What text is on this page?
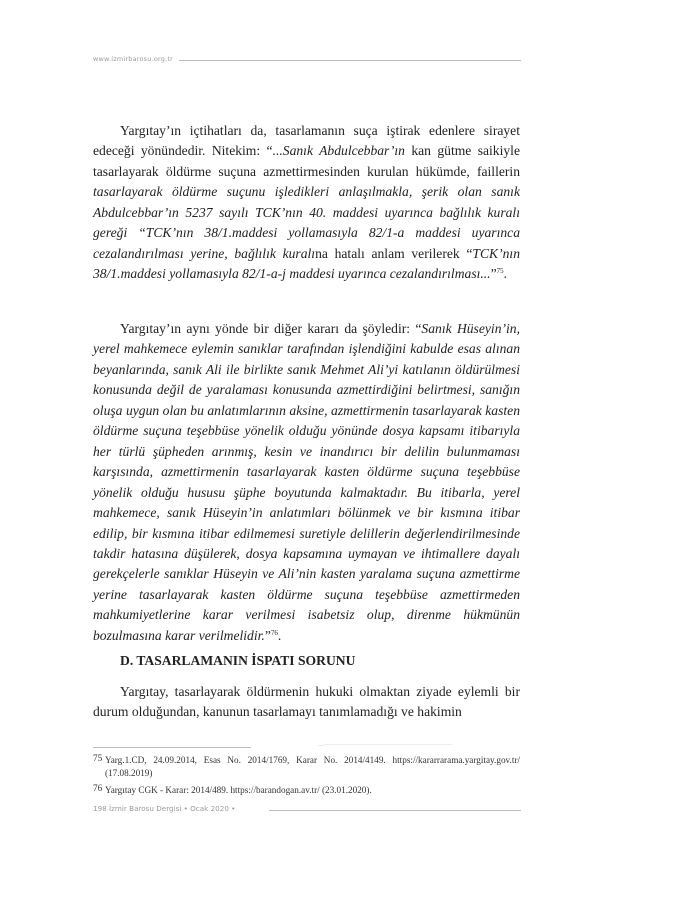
www.izmirbarosu.org.tr

Yargıtay’ın içtihatları da, tasarlamanın suça iştirak edenlere sirayet edeceği yönündedir. Nitekim: “...Sanık Abdulcebbar’ın kan gütme saikiyle tasarlayarak öldürme suçuna azmettirmesinden kurulan hükümde, faillerin tasarlayarak öldürme suçunu işledikleri anlaşılmakla, şerik olan sanık Abdulcebbar’ın 5237 sayılı TCK’nın 40. maddesi uyarınca bağlılık kuralı gereği “TCK’nın 38/1.maddesi yollamasıyla 82/1-a maddesi uyarınca cezalandırılması yerine, bağlılık kuralına hatalı anlam verilerek “TCK’nın 38/1.maddesi yollamasıyla 82/1-a-j maddesi uyarınca cezalandırılması...”$^{75}$.

Yargıtay’ın aynı yönde bir diğer kararı da şöyledir: “Sanık Hüseyin’in, yerel mahkemece eylemin sanıklar tarafından işlendiğini kabulde esas alınan beyanlarında, sanık Ali ile birlikte sanık Mehmet Ali’yi katılanın öldürülmesi konusunda değil de yaralaması konusunda azmettirdiğini belirtmesi, sanığın oluşa uygun olan bu anlatımlarının aksine, azmettirmenin tasarlayarak kasten öldürme suçuna teşebbüse yönelik olduğu yönünde dosya kapsamı itibarıyla her türlü şüpheden arınmış, kesin ve inandırıcı bir delilin bulunmaması karşısında, azmettirmenin tasarlayarak kasten öldürme suçuna teşebbüse yönelik olduğu hususu şüphe boyutunda kalmaktadır. Bu itibarla, yerel mahkemece, sanık Hüseyin’in anlatımları bölünmek ve bir kısmına itibar edilip, bir kısmına itibar edilmemesi suretiyle delillerin değerlendirilmesinde takdir hatasına düşülerek, dosya kapsamına uymayan ve ihtimallere dayalı gerekçelerle sanıklar Hüseyin ve Ali’nin kasten yaralama suçuna azmettirme yerine tasarlayarak kasten öldürme suçuna teşebbüse azmettirmeden mahkumiyetlerine karar verilmesi isabetsiz olup, direnme hükmünün bozulmasına karar verilmelidir.”$^{76}$.

D. TASARLAMANIN İSPATI SORUNU

Yargıtay, tasarlayarak öldürmenin hukuki olmaktan ziyade eylemli bir durum olduğundan, kanunun tasarlamayı tanımlamadığı ve hakimin

75 Yarg.1.CD, 24.09.2014, Esas No. 2014/1769, Karar No. 2014/4149. https://kararrarama.yargitay.gov.tr/ (17.08.2019)

76 Yargıtay CGK - Karar: 2014/489. https://barandogan.av.tr/ (23.01.2020).

198 İzmir Barosu Dergisi • Ocak 2020 •
